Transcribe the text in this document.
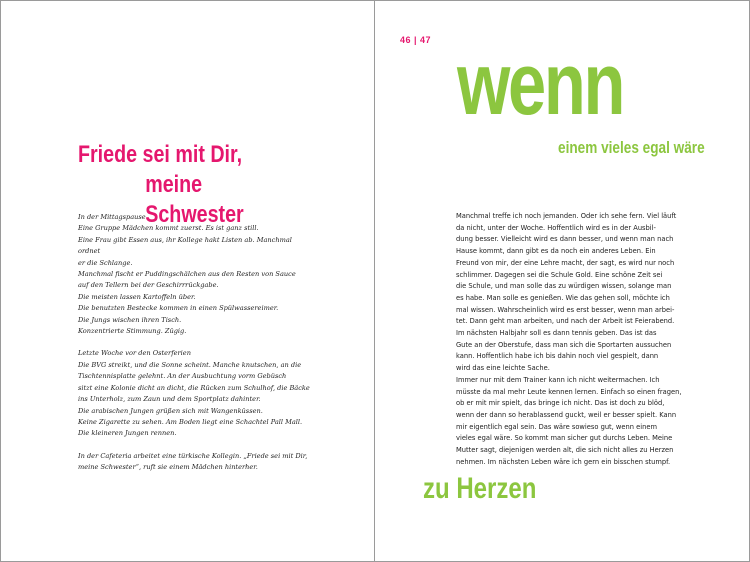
Friede sei mit Dir,
meine Schwester
In der Mittagspause
Eine Gruppe Mädchen kommt zuerst. Es ist ganz still.
Eine Frau gibt Essen aus, ihr Kollege hakt Listen ab. Manchmal
ordnet
er die Schlange.
Manchmal fischt er Puddingschälchen aus den Resten von Sauce
auf den Tellern bei der Geschirrrückgabe.
Die meisten lassen Kartoffeln über.
Die benutzten Bestecke kommen in einen Spülwassereimer.
Die Jungs wischen ihren Tisch.
Konzentrierte Stimmung. Zügig.
Letzte Woche vor den Osterferien
Die BVG streikt, und die Sonne scheint. Manche knutschen, an die
Tischtennisplatte gelehnt. An der Ausbuchtung vorm Gebüsch
sitzt eine Kolonie dicht an dicht, die Rücken zum Schulhof, die Bäcke
ins Unterholz, zum Zaun und dem Sportplatz dahinter.
Die arabischen Jungen grüßen sich mit Wangenküssen.
Keine Zigarette zu sehen. Am Boden liegt eine Schachtel Pall Mall.
Die kleineren Jungen rennen.
In der Cafeteria arbeitet eine türkische Kollegin. „Friede sei mit Dir,
meine Schwester“, ruft sie einem Mädchen hinterher.
46 | 47 wenn
einem vieles egal wäre
Manchmal treffe ich noch jemanden. Oder ich sehe fern. Viel läuft
da nicht, unter der Woche. Hoffentlich wird es in der Ausbil-
dung besser. Vielleicht wird es dann besser, und wenn man nach
Hause kommt, dann gibt es da noch ein anderes Leben. Ein
Freund von mir, der eine Lehre macht, der sagt, es wird nur noch
schlimmer. Dagegen sei die Schule Gold. Eine schöne Zeit sei
die Schule, und man solle das zu würdigen wissen, solange man
es habe. Man solle es genießen. Wie das gehen soll, möchte ich
mal wissen. Wahrscheinlich wird es erst besser, wenn man arbei-
tet. Dann geht man arbeiten, und nach der Arbeit ist Feierabend.
Im nächsten Halbjahr soll es dann tennis geben. Das ist das
Gute an der Oberstufe, dass man sich die Sportarten aussuchen
kann. Hoffentlich habe ich bis dahin noch viel gespielt, dann
wird das eine leichte Sache.
Immer nur mit dem Trainer kann ich nicht weitermachen. Ich
müsste da mal mehr Leute kennen lernen. Einfach so einen fragen,
ob er mit mir spielt, das bringe ich nicht. Das ist doch zu blöd,
wenn der dann so herablassend guckt, weil er besser spielt. Kann
mir eigentlich egal sein. Das wäre sowieso gut, wenn einem
vieles egal wäre. So kommt man sicher gut durchs Leben. Meine
Mutter sagt, diejenigen werden alt, die sich nicht alles zu Herzen
nehmen. Im nächsten Leben wäre ich gern ein bisschen stumpf.
zu Herzen
